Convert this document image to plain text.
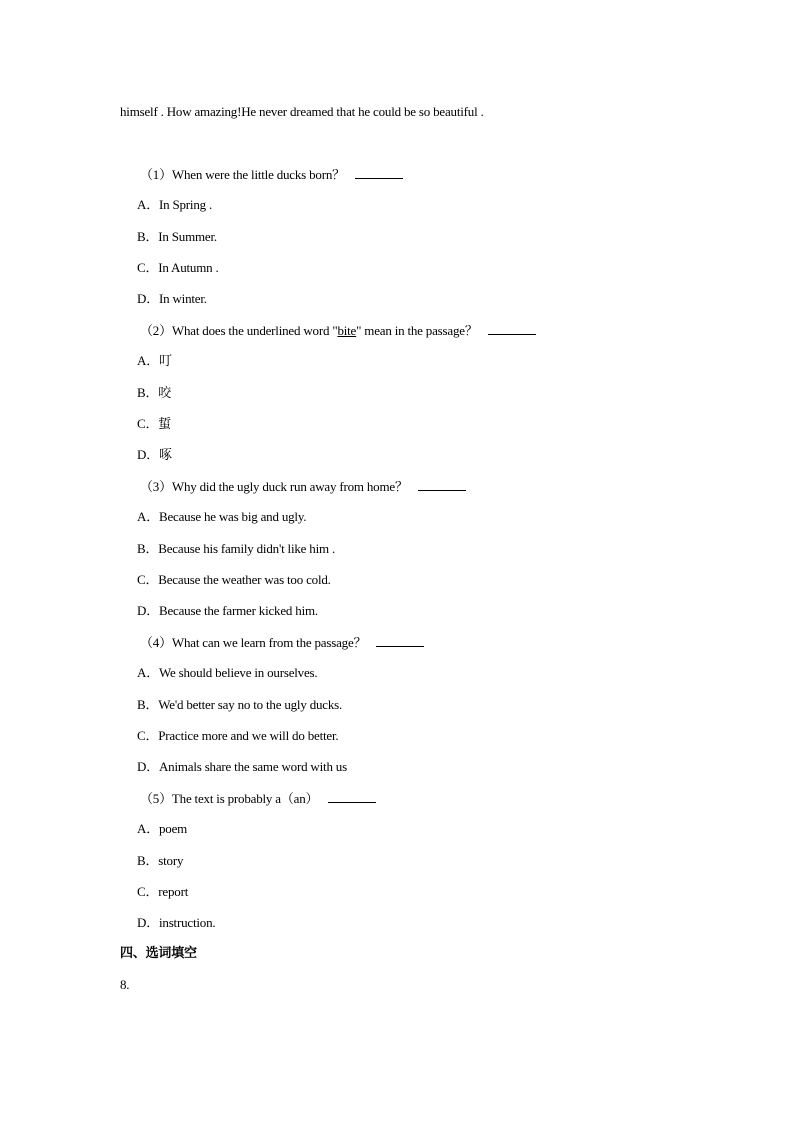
himself . How amazing!He never dreamed that he could be so beautiful .
（1）When were the little ducks born？
A．In Spring .
B．In Summer.
C．In Autumn .
D．In winter.
（2）What does the underlined word "bite" mean in the passage？
A．叮
B．咬
C．蜇
D．啄
（3）Why did the ugly duck run away from home？
A．Because he was big and ugly.
B．Because his family didn't like him .
C．Because the weather was too cold.
D．Because the farmer kicked him.
（4）What can we learn from the passage？
A．We should believe in ourselves.
B．We'd better say no to the ugly ducks.
C．Practice more and we will do better.
D．Animals share the same word with us
（5）The text is probably a（an）
A．poem
B．story
C．report
D．instruction.
四、选词填空
8.
